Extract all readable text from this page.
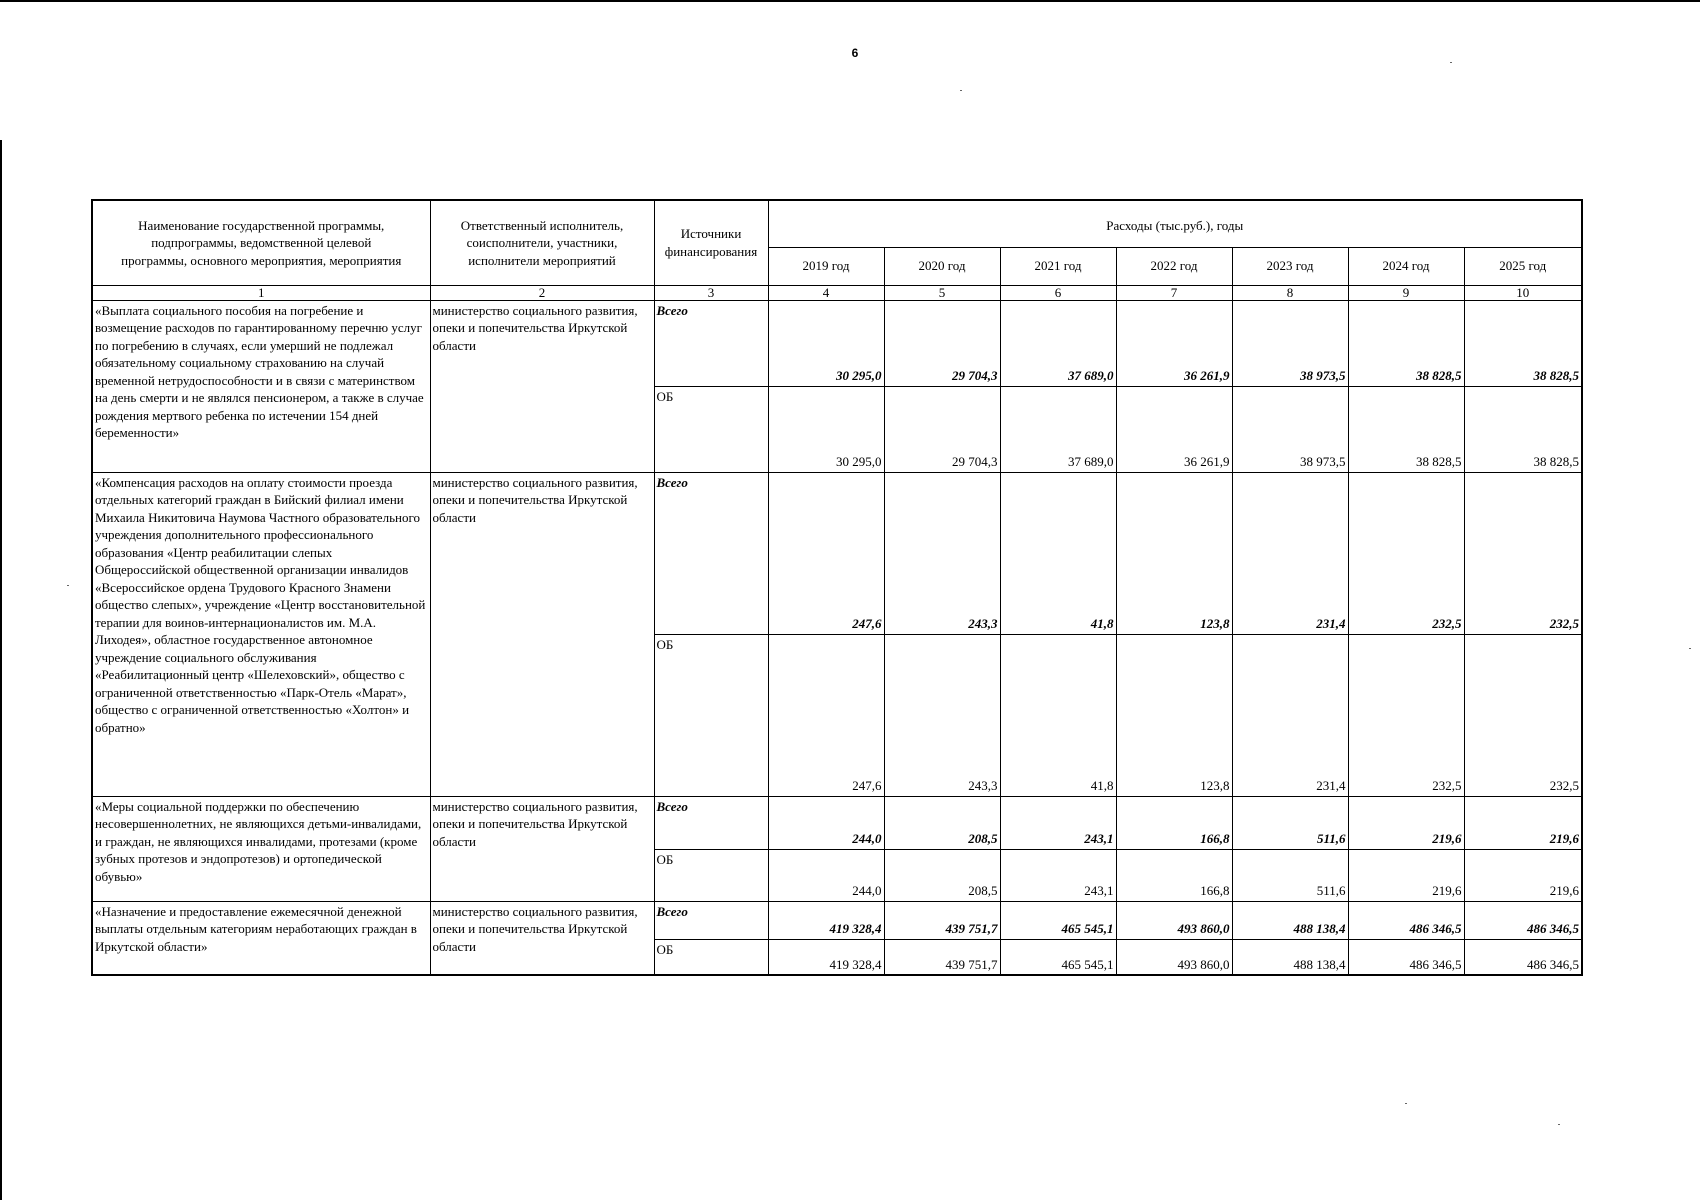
6
Наименование государственной программы, подпрограммы, ведомственной целевой программы, основного мероприятия, мероприятия	Ответственный исполнитель, соисполнители, участники, исполнители мероприятий	Источники финансирования	Расходы (тыс.руб.), годы						
			2019 год	2020 год	2021 год	2022 год	2023 год	2024 год	2025 год
1	2	3	4	5	6	7	8	9	10
«Выплата социального пособия на погребение и возмещение расходов по гарантированному перечню услуг по погребению в случаях, если умерший не подлежал обязательному социальному страхованию на случай временной нетрудоспособности и в связи с материнством на день смерти и не являлся пенсионером, а также в случае рождения мертвого ребенка по истечении 154 дней беременности»	министерство социального развития, опеки и попечительства Иркутской области	Всего	30 295,0	29 704,3	37 689,0	36 261,9	38 973,5	38 828,5	38 828,5
		ОБ	30 295,0	29 704,3	37 689,0	36 261,9	38 973,5	38 828,5	38 828,5
«Компенсация расходов на оплату стоимости проезда отдельных категорий граждан в Бийский филиал имени Михаила Никитовича Наумова Частного образовательного учреждения дополнительного профессионального образования «Центр реабилитации слепых Общероссийской общественной организации инвалидов «Всероссийское ордена Трудового Красного Знамени общество слепых», учреждение «Центр восстановительной терапии для воинов-интернационалистов им. М.А. Лиходея», областное государственное автономное учреждение социального обслуживания «Реабилитационный центр «Шелеховский», общество с ограниченной ответственностью «Парк-Отель «Марат», общество с ограниченной ответственностью «Холтон» и обратно»	министерство социального развития, опеки и попечительства Иркутской области	Всего	247,6	243,3	41,8	123,8	231,4	232,5	232,5
		ОБ	247,6	243,3	41,8	123,8	231,4	232,5	232,5
«Меры социальной поддержки по обеспечению несовершеннолетних, не являющихся детьми-инвалидами, и граждан, не являющихся инвалидами, протезами (кроме зубных протезов и эндопротезов) и ортопедической обувью»	министерство социального развития, опеки и попечительства Иркутской области	Всего	244,0	208,5	243,1	166,8	511,6	219,6	219,6
		ОБ	244,0	208,5	243,1	166,8	511,6	219,6	219,6
«Назначение и предоставление ежемесячной денежной выплаты отдельным категориям неработающих граждан в Иркутской области»	министерство социального развития, опеки и попечительства Иркутской области	Всего	419 328,4	439 751,7	465 545,1	493 860,0	488 138,4	486 346,5	486 346,5
		ОБ	419 328,4	439 751,7	465 545,1	493 860,0	488 138,4	486 346,5	486 346,5
